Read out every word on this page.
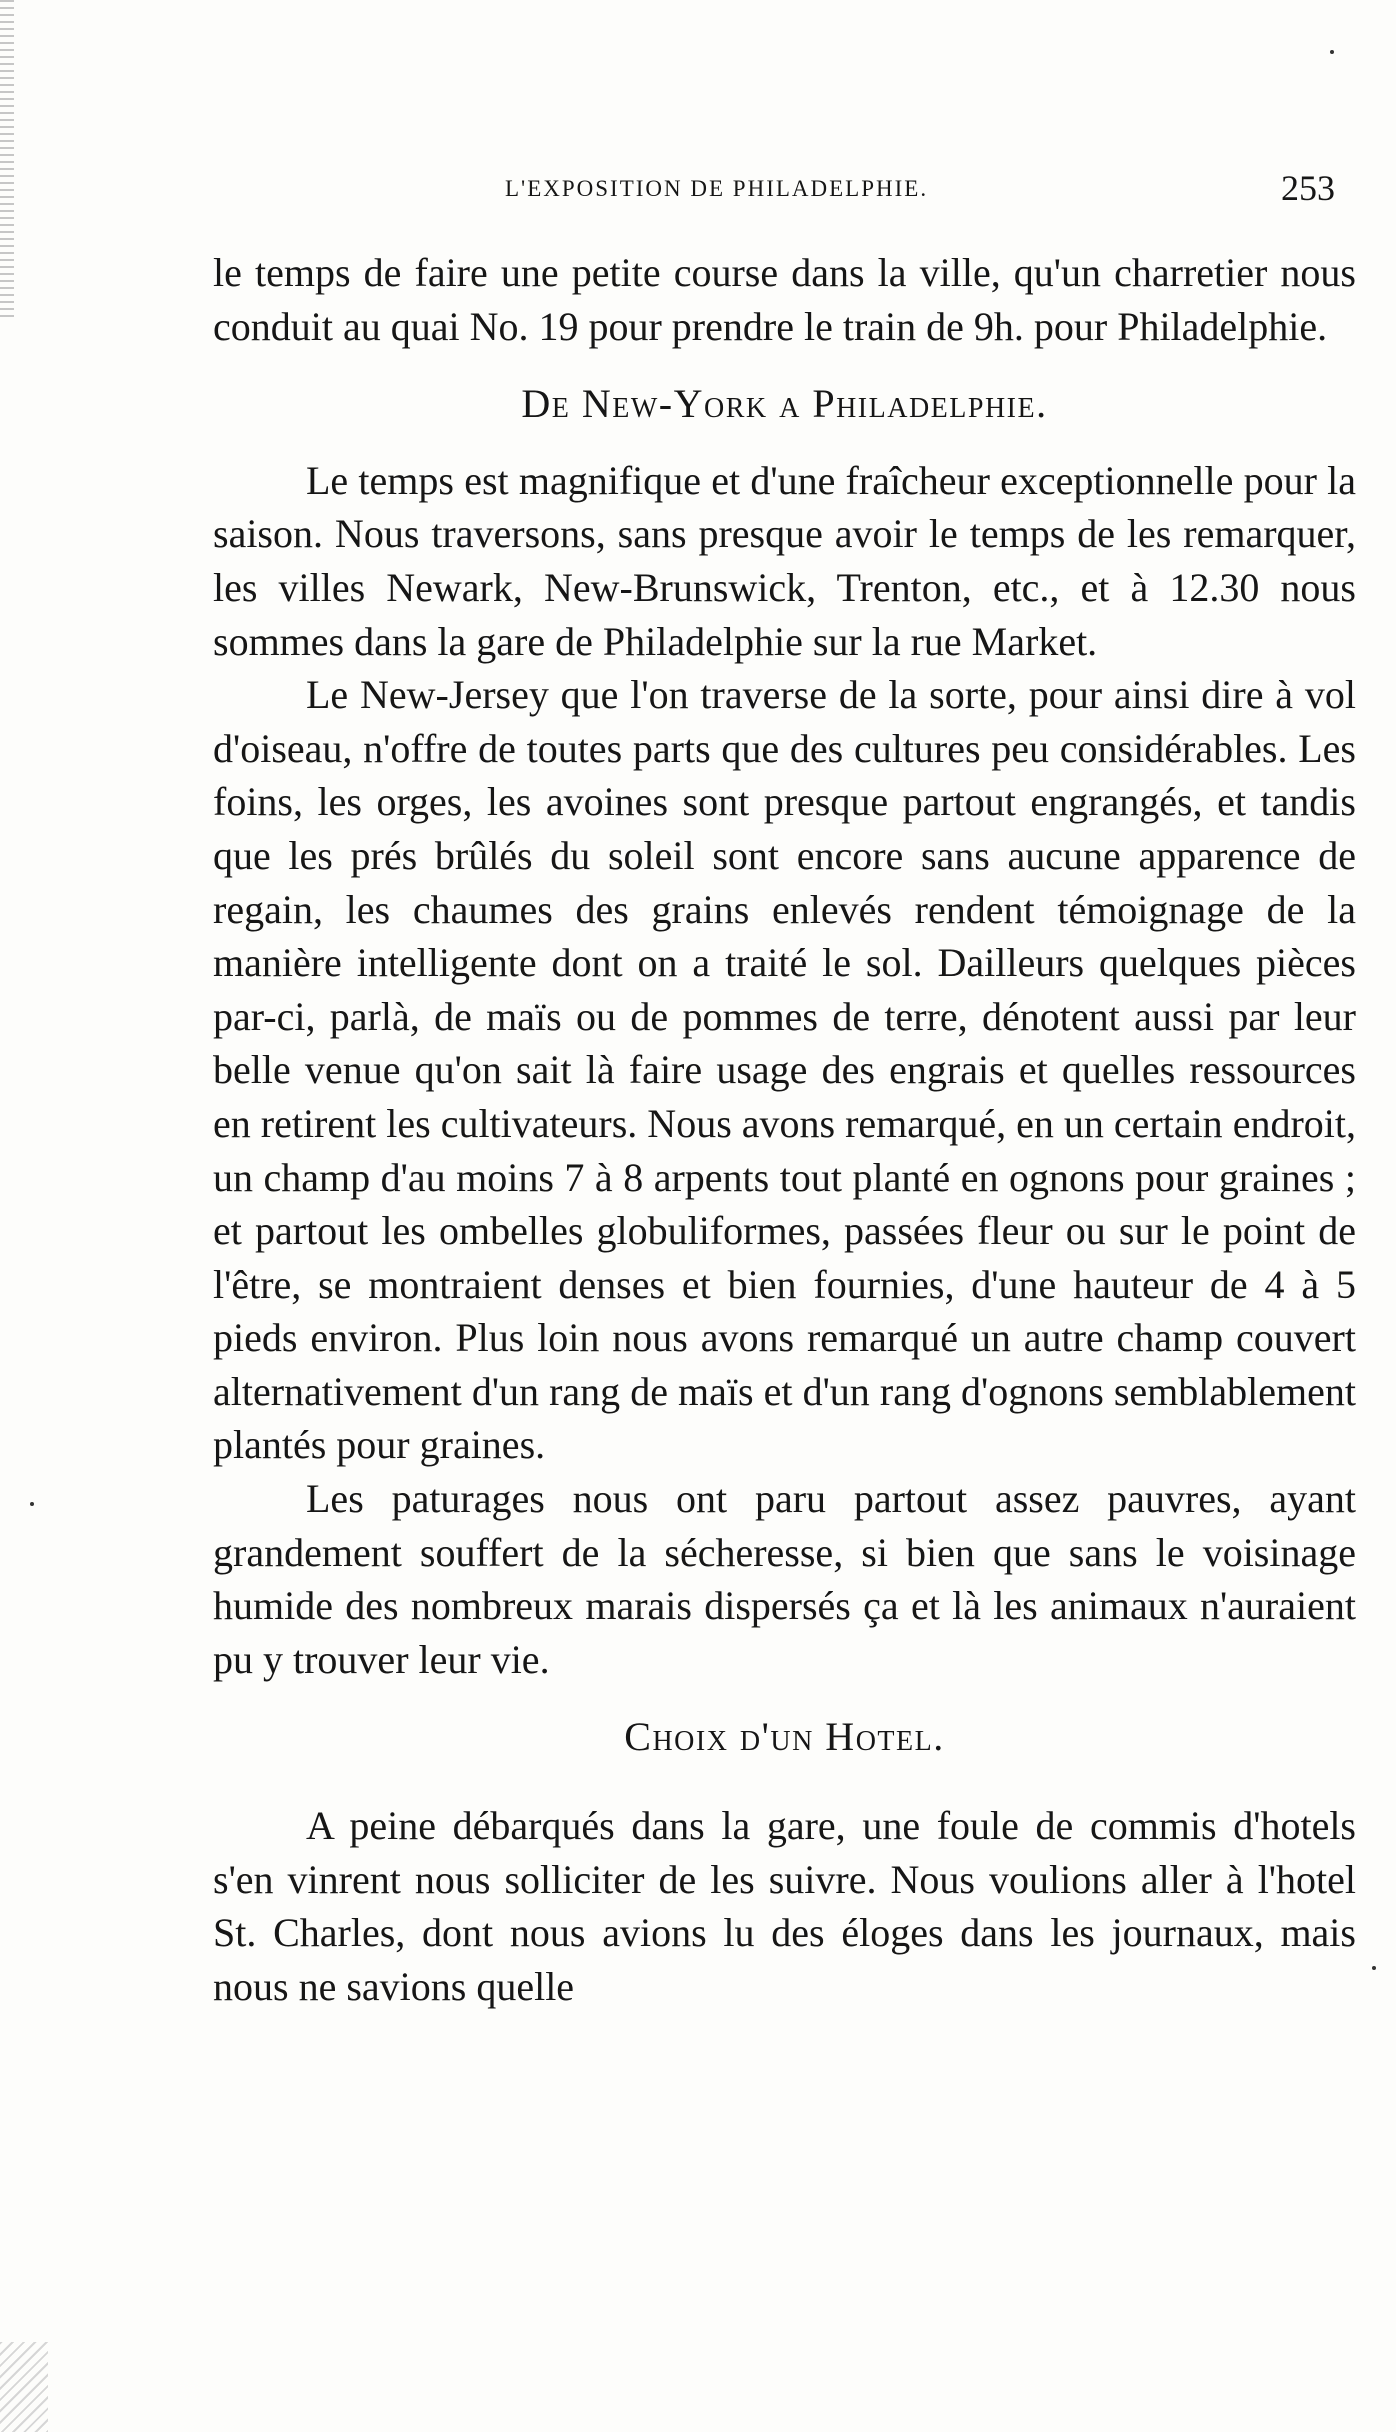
L'EXPOSITION DE PHILADELPHIE.	253

le temps de faire une petite course dans la ville, qu'un charretier nous conduit au quai No. 19 pour prendre le train de 9h. pour Philadelphie.

De New-York a Philadelphie.

Le temps est magnifique et d'une fraîcheur exceptionnelle pour la saison. Nous traversons, sans presque avoir le temps de les remarquer, les villes Newark, New-Brunswick, Trenton, etc., et à 12.30 nous sommes dans la gare de Philadelphie sur la rue Market.

Le New-Jersey que l'on traverse de la sorte, pour ainsi dire à vol d'oiseau, n'offre de toutes parts que des cultures peu considérables. Les foins, les orges, les avoines sont presque partout engrangés, et tandis que les prés brûlés du soleil sont encore sans aucune apparence de regain, les chaumes des grains enlevés rendent témoignage de la manière intelligente dont on a traité le sol. Dailleurs quelques pièces par-ci, parlà, de maïs ou de pommes de terre, dénotent aussi par leur belle venue qu'on sait là faire usage des engrais et quelles ressources en retirent les cultivateurs. Nous avons remarqué, en un certain endroit, un champ d'au moins 7 à 8 arpents tout planté en ognons pour graines ; et partout les ombelles globuliformes, passées fleur ou sur le point de l'être, se montraient denses et bien fournies, d'une hauteur de 4 à 5 pieds environ. Plus loin nous avons remarqué un autre champ couvert alternativement d'un rang de maïs et d'un rang d'ognons semblablement plantés pour graines.

Les paturages nous ont paru partout assez pauvres, ayant grandement souffert de la sécheresse, si bien que sans le voisinage humide des nombreux marais dispersés ça et là les animaux n'auraient pu y trouver leur vie.

Choix d'un Hotel.

A peine débarqués dans la gare, une foule de commis d'hotels s'en vinrent nous solliciter de les suivre. Nous voulions aller à l'hotel St. Charles, dont nous avions lu des éloges dans les journaux, mais nous ne savions quelle
